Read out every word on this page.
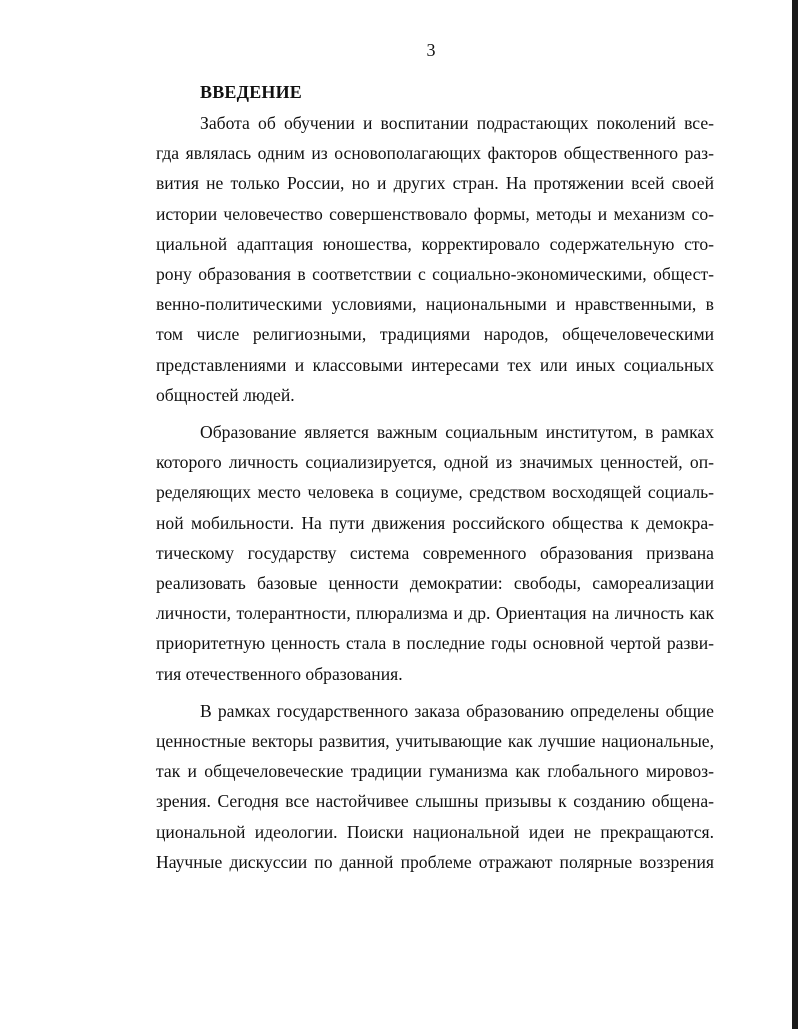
3
ВВЕДЕНИЕ
Забота об обучении и воспитании подрастающих поколений все-
гда являлась одним из основополагающих факторов общественного раз-
вития не только России, но и других стран. На протяжении всей своей
истории человечество совершенствовало формы, методы и механизм со-
циальной адаптация юношества, корректировало содержательную сто-
рону образования в соответствии с социально-экономическими, общест-
венно-политическими условиями, национальными и нравственными, в
том числе религиозными, традициями народов, общечеловеческими
представлениями и классовыми интересами тех или иных социальных
общностей людей.
Образование является важным социальным институтом, в рамках
которого личность социализируется, одной из значимых ценностей, оп-
ределяющих место человека в социуме, средством восходящей социаль-
ной мобильности. На пути движения российского общества к демокра-
тическому государству система современного образования призвана
реализовать базовые ценности демократии: свободы, самореализации
личности, толерантности, плюрализма и др. Ориентация на личность как
приоритетную ценность стала в последние годы основной чертой разви-
тия отечественного образования.
В рамках государственного заказа образованию определены общие
ценностные векторы развития, учитывающие как лучшие национальные,
так и общечеловеческие традиции гуманизма как глобального мировоз-
зрения. Сегодня все настойчивее слышны призывы к созданию общена-
циональной идеологии. Поиски национальной идеи не прекращаются.
Научные дискуссии по данной проблеме отражают полярные воззрения
